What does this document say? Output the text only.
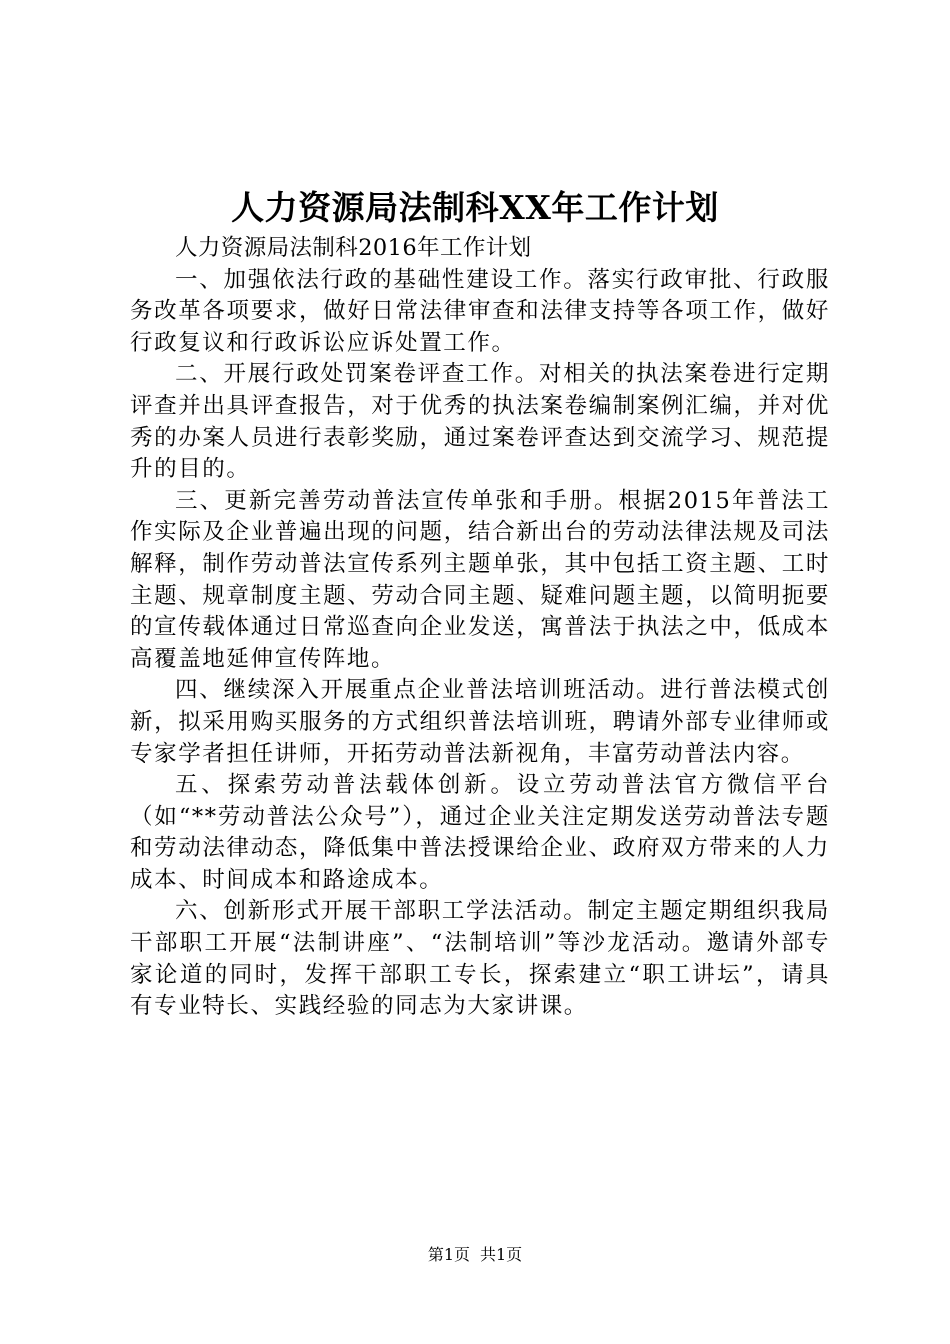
人力资源局法制科XX年工作计划

人力资源局法制科2016年工作计划

一、加强依法行政的基础性建设工作。落实行政审批、行政服务改革各项要求，做好日常法律审查和法律支持等各项工作，做好行政复议和行政诉讼应诉处置工作。

二、开展行政处罚案卷评查工作。对相关的执法案卷进行定期评查并出具评查报告，对于优秀的执法案卷编制案例汇编，并对优秀的办案人员进行表彰奖励，通过案卷评查达到交流学习、规范提升的目的。

三、更新完善劳动普法宣传单张和手册。根据2015年普法工作实际及企业普遍出现的问题，结合新出台的劳动法律法规及司法解释，制作劳动普法宣传系列主题单张，其中包括工资主题、工时主题、规章制度主题、劳动合同主题、疑难问题主题，以简明扼要的宣传载体通过日常巡查向企业发送，寓普法于执法之中，低成本高覆盖地延伸宣传阵地。

四、继续深入开展重点企业普法培训班活动。进行普法模式创新，拟采用购买服务的方式组织普法培训班，聘请外部专业律师或专家学者担任讲师，开拓劳动普法新视角，丰富劳动普法内容。

五、探索劳动普法载体创新。设立劳动普法官方微信平台（如“**劳动普法公众号”），通过企业关注定期发送劳动普法专题和劳动法律动态，降低集中普法授课给企业、政府双方带来的人力成本、时间成本和路途成本。

六、创新形式开展干部职工学法活动。制定主题定期组织我局干部职工开展“法制讲座”、“法制培训”等沙龙活动。邀请外部专家论道的同时，发挥干部职工专长，探索建立“职工讲坛”，请具有专业特长、实践经验的同志为大家讲课。

第1页 共1页
